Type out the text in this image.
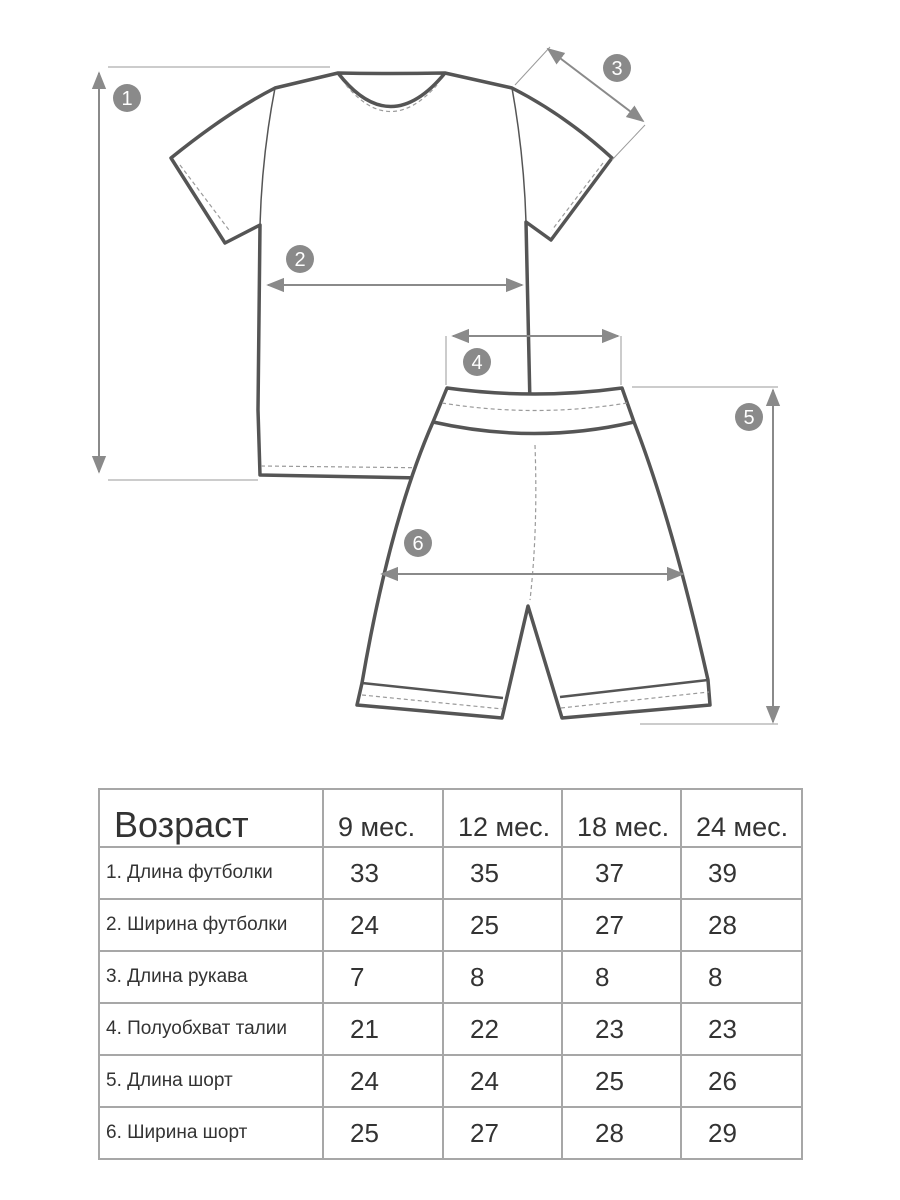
1
2
3
4
5
6
Возраст	9 мес.	12 мес.	18 мес.	24 мес.
1. Длина футболки	33	35	37	39
2. Ширина футболки	24	25	27	28
3. Длина рукава	7	8	8	8
4. Полуобхват талии	21	22	23	23
5. Длина шорт	24	24	25	26
6. Ширина шорт	25	27	28	29
